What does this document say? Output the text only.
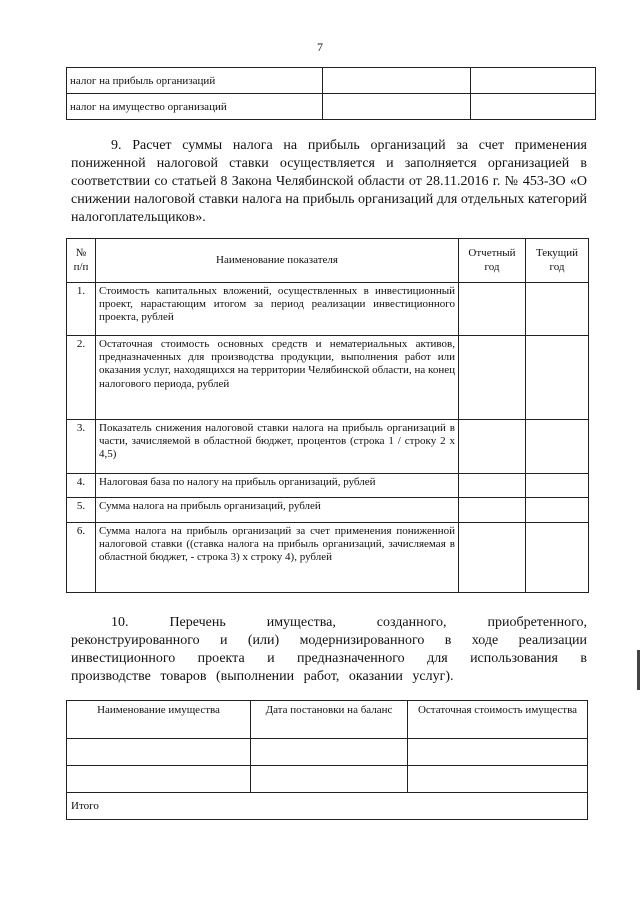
7
налог на прибыль организаций		
налог на имущество организаций		
9. Расчет суммы налога на прибыль организаций за счет применения пониженной налоговой ставки осуществляется и заполняется организацией в соответствии со статьей 8 Закона Челябинской области от 28.11.2016 г. № 453-ЗО «О снижении налоговой ставки налога на прибыль организаций для отдельных категорий налогоплательщиков».
№ п/п	Наименование показателя	Отчетный год	Текущий год
1.	Стоимость капитальных вложений, осуществленных в инвестиционный проект, нарастающим итогом за период реализации инвестиционного проекта, рублей		
2.	Остаточная стоимость основных средств и нематериальных активов, предназначенных для производства продукции, выполнения работ или оказания услуг, находящихся на территории Челябинской области, на конец налогового периода, рублей		
3.	Показатель снижения налоговой ставки налога на прибыль организаций в части, зачисляемой в областной бюджет, процентов (строка 1 / строку 2 х 4,5)		
4.	Налоговая база по налогу на прибыль организаций, рублей		
5.	Сумма налога на прибыль организаций, рублей		
6.	Сумма налога на прибыль организаций за счет применения пониженной налоговой ставки ((ставка налога на прибыль организаций, зачисляемая в областной бюджет, - строка 3) х строку 4), рублей		
10. Перечень имущества, созданного, приобретенного, реконструированного и (или) модернизированного в ходе реализации инвестиционного проекта и предназначенного для использования в производстве товаров (выполнении работ, оказании услуг).
Наименование имущества	Дата постановки на баланс	Остаточная стоимость имущества

Итого		
